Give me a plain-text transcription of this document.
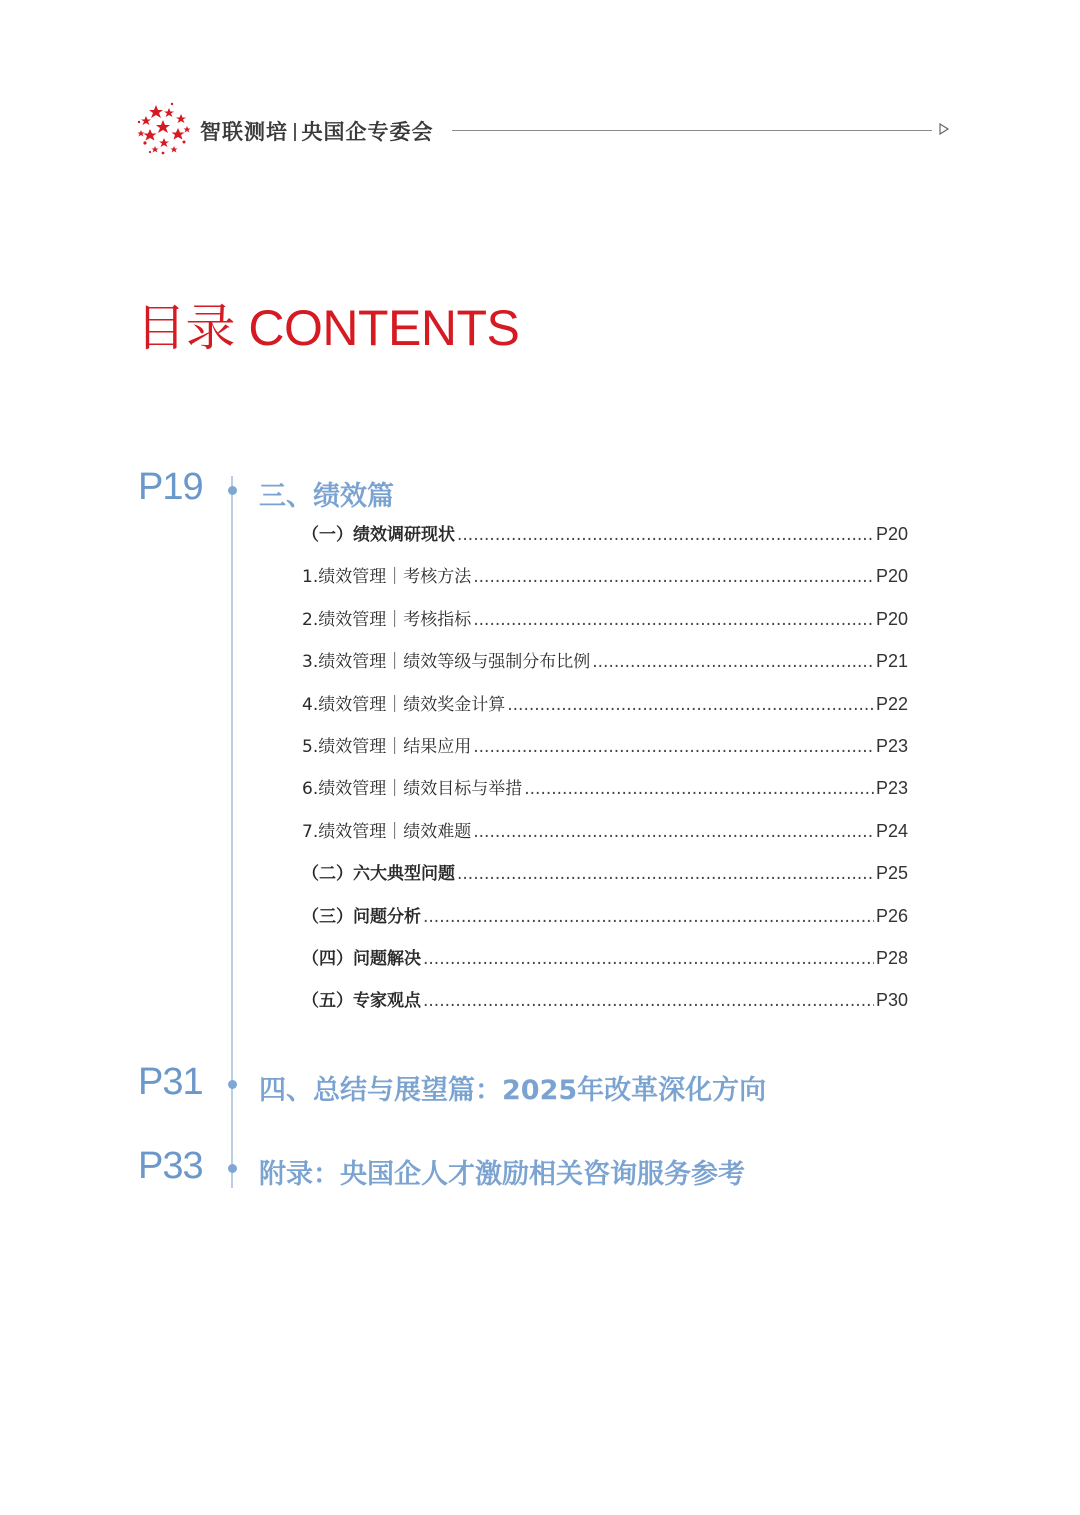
智联测培 央国企专委会
目录 CONTENTS
P19 三、绩效篇
（一）绩效调研现状 .....	P20
1.绩效管理｜考核方法 .....	P20
2.绩效管理｜考核指标 .....	P20
3.绩效管理｜绩效等级与强制分布比例 .....	P21
4.绩效管理｜绩效奖金计算 .....	P22
5.绩效管理｜结果应用 .....	P23
6.绩效管理｜绩效目标与举措 .....	P23
7.绩效管理｜绩效难题 .....	P24
（二）六大典型问题 .....	P25
（三）问题分析 .....	P26
（四）问题解决 .....	P28
（五）专家观点 .....	P30
P31 四、总结与展望篇：2025年改革深化方向
P33 附录：央国企人才激励相关咨询服务参考
